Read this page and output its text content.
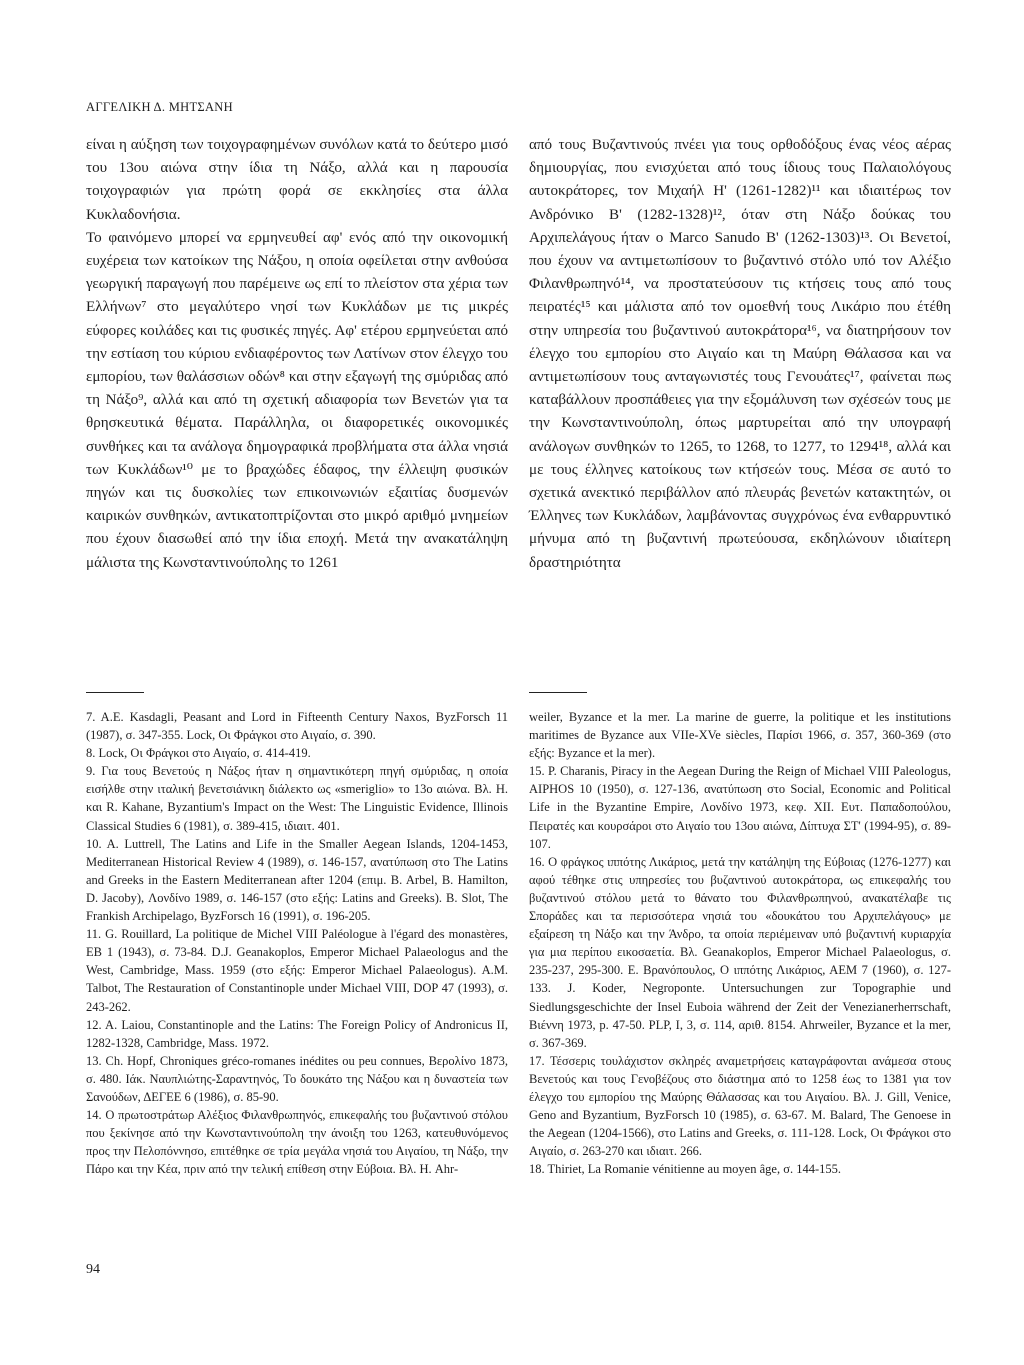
ΑΓΓΕΛΙΚΗ Δ. ΜΗΤΣΑΝΗ

είναι η αύξηση των τοιχογραφημένων συνόλων κατά το δεύτερο μισό του 13ου αιώνα στην ίδια τη Νάξο, αλλά και η παρουσία τοιχογραφιών για πρώτη φορά σε εκκλησίες στα άλλα Κυκλαδονήσια.

Το φαινόμενο μπορεί να ερμηνευθεί αφ' ενός από την οικονομική ευχέρεια των κατοίκων της Νάξου, η οποία οφείλεται στην ανθούσα γεωργική παραγωγή που παρέμεινε ως επί το πλείστον στα χέρια των Ελλήνων⁷ στο μεγαλύτερο νησί των Κυκλάδων με τις μικρές εύφορες κοιλάδες και τις φυσικές πηγές. Αφ' ετέρου ερμηνεύεται από την εστίαση του κύριου ενδιαφέροντος των Λατίνων στον έλεγχο του εμπορίου, των θαλάσσιων οδών⁸ και στην εξαγωγή της σμύριδας από τη Νάξο⁹, αλλά και από τη σχετική αδιαφορία των Βενετών για τα θρησκευτικά θέματα. Παράλληλα, οι διαφορετικές οικονομικές συνθήκες και τα ανάλογα δημογραφικά προβλήματα στα άλλα νησιά των Κυκλάδων¹⁰ με το βραχώδες έδαφος, την έλλειψη φυσικών πηγών και τις δυσκολίες των επικοινωνιών εξαιτίας δυσμενών καιρικών συνθηκών, αντικατοπτρίζονται στο μικρό αριθμό μνημείων που έχουν διασωθεί από την ίδια εποχή. Μετά την ανακατάληψη μάλιστα της Κωνσταντινούπολης το 1261

από τους Βυζαντινούς πνέει για τους ορθοδόξους ένας νέος αέρας δημιουργίας, που ενισχύεται από τους ίδιους τους Παλαιολόγους αυτοκράτορες, τον Μιχαήλ Η' (1261-1282)¹¹ και ιδιαιτέρως τον Ανδρόνικο Β' (1282-1328)¹², όταν στη Νάξο δούκας του Αρχιπελάγους ήταν ο Marco Sanudo Β' (1262-1303)¹³. Οι Βενετοί, που έχουν να αντιμετωπίσουν το βυζαντινό στόλο υπό τον Αλέξιο Φιλανθρωπηνό¹⁴, να προστατεύσουν τις κτήσεις τους από τους πειρατές¹⁵ και μάλιστα από τον ομοεθνή τους Λικάριο που έτέθη στην υπηρεσία του βυζαντινού αυτοκράτορα¹⁶, να διατηρήσουν τον έλεγχο του εμπορίου στο Αιγαίο και τη Μαύρη Θάλασσα και να αντιμετωπίσουν τους ανταγωνιστές τους Γενουάτες¹⁷, φαίνεται πως καταβάλλουν προσπάθειες για την εξομάλυνση των σχέσεών τους με την Κωνσταντινούπολη, όπως μαρτυρείται από την υπογραφή ανάλογων συνθηκών το 1265, το 1268, το 1277, το 1294¹⁸, αλλά και με τους έλληνες κατοίκους των κτήσεών τους. Μέσα σε αυτό το σχετικά ανεκτικό περιβάλλον από πλευράς βενετών κατακτητών, οι Έλληνες των Κυκλάδων, λαμβάνοντας συγχρόνως ένα ενθαρρυντικό μήνυμα από τη βυζαντινή πρωτεύουσα, εκδηλώνουν ιδιαίτερη δραστηριότητα

7. A.E. Kasdagli, Peasant and Lord in Fifteenth Century Naxos, ByzForsch 11 (1987), σ. 347-355. Lock, Οι Φράγκοι στο Αιγαίο, σ. 390.
8. Lock, Οι Φράγκοι στο Αιγαίο, σ. 414-419.
9. Για τους Βενετούς η Νάξος ήταν η σημαντικότερη πηγή σμύριδας, η οποία εισήλθε στην ιταλική βενετσιάνικη διάλεκτο ως «smeriglio» το 13ο αιώνα. Βλ. Η. και R. Kahane, Byzantium's Impact on the West: The Linguistic Evidence, Illinois Classical Studies 6 (1981), σ. 389-415, ιδιαιτ. 401.
10. A. Luttrell, The Latins and Life in the Smaller Aegean Islands, 1204-1453, Mediterranean Historical Review 4 (1989), σ. 146-157, ανατύπωση στο The Latins and Greeks in the Eastern Mediterranean after 1204 (επιμ. B. Arbel, B. Hamilton, D. Jacoby), Λονδίνο 1989, σ. 146-157 (στο εξής: Latins and Greeks). B. Slot, The Frankish Archipelago, ByzForsch 16 (1991), σ. 196-205.
11. G. Rouillard, La politique de Michel VIII Paléologue à l'égard des monastères, EB 1 (1943), σ. 73-84. D.J. Geanakoplos, Emperor Michael Palaeologus and the West, Cambridge, Mass. 1959 (στο εξής: Emperor Michael Palaeologus). A.M. Talbot, The Restauration of Constantinople under Michael VIII, DOP 47 (1993), σ. 243-262.
12. A. Laiou, Constantinople and the Latins: The Foreign Policy of Andronicus II, 1282-1328, Cambridge, Mass. 1972.
13. Ch. Hopf, Chroniques gréco-romanes inédites ou peu connues, Βερολίνο 1873, σ. 480. Ιάκ. Ναυπλιώτης-Σαραντηνός, Το δουκάτο της Νάξου και η δυναστεία των Σανούδων, ΔΕΓΕΕ 6 (1986), σ. 85-90.
14. Ο πρωτοστράτωρ Αλέξιος Φιλανθρωπηνός, επικεφαλής του βυζαντινού στόλου που ξεκίνησε από την Κωνσταντινούπολη την άνοιξη του 1263, κατευθυνόμενος προς την Πελοπόννησο, επιτέθηκε σε τρία μεγάλα νησιά του Αιγαίου, τη Νάξο, την Πάρο και την Κέα, πριν από την τελική επίθεση στην Εύβοια. Βλ. Η. Ahr-
weiler, Byzance et la mer. La marine de guerre, la politique et les institutions maritimes de Byzance aux VIIe-XVe siècles, Παρίσι 1966, σ. 357, 360-369 (στο εξής: Byzance et la mer).
15. P. Charanis, Piracy in the Aegean During the Reign of Michael VIII Paleologus, ΑΙΡΗΟS 10 (1950), σ. 127-136, ανατύπωση στο Social, Economic and Political Life in the Byzantine Empire, Λονδίνο 1973, κεφ. XII. Ευτ. Παπαδοπούλου, Πειρατές και κουρσάροι στο Αιγαίο του 13ου αιώνα, Δίπτυχα ΣΤ' (1994-95), σ. 89-107.
16. Ο φράγκος ιππότης Λικάριος, μετά την κατάληψη της Εύβοιας (1276-1277) και αφού τέθηκε στις υπηρεσίες του βυζαντινού αυτοκράτορα, ως επικεφαλής του βυζαντινού στόλου μετά το θάνατο του Φιλανθρωπηνού, ανακατέλαβε τις Σποράδες και τα περισσότερα νησιά του «δουκάτου του Αρχιπελάγους» με εξαίρεση τη Νάξο και την Άνδρο, τα οποία περιέμειναν υπό βυζαντινή κυριαρχία για μια περίπου εικοσαετία. Βλ. Geanakoplos, Emperor Michael Palaeologus, σ. 235-237, 295-300. Ε. Βρανόπουλος, Ο ιππότης Λικάριος, ΑΕΜ 7 (1960), σ. 127-133. J. Koder, Negroponte. Untersuchungen zur Topographie und Siedlungsgeschichte der Insel Euboia während der Zeit der Venezianerherrschaft, Βιέννη 1973, p. 47-50. PLP, I, 3, σ. 114, αριθ. 8154. Ahrweiler, Byzance et la mer, σ. 367-369.
17. Τέσσερις τουλάχιστον σκληρές αναμετρήσεις καταγράφονται ανάμεσα στους Βενετούς και τους Γενοβέζους στο διάστημα από το 1258 έως το 1381 για τον έλεγχο του εμπορίου της Μαύρης Θάλασσας και του Αιγαίου. Βλ. J. Gill, Venice, Geno and Byzantium, ByzForsch 10 (1985), σ. 63-67. M. Balard, The Genoese in the Aegean (1204-1566), στο Latins and Greeks, σ. 111-128. Lock, Οι Φράγκοι στο Αιγαίο, σ. 263-270 και ιδιαιτ. 266.
18. Thiriet, La Romanie vénitienne au moyen âge, σ. 144-155.
94
